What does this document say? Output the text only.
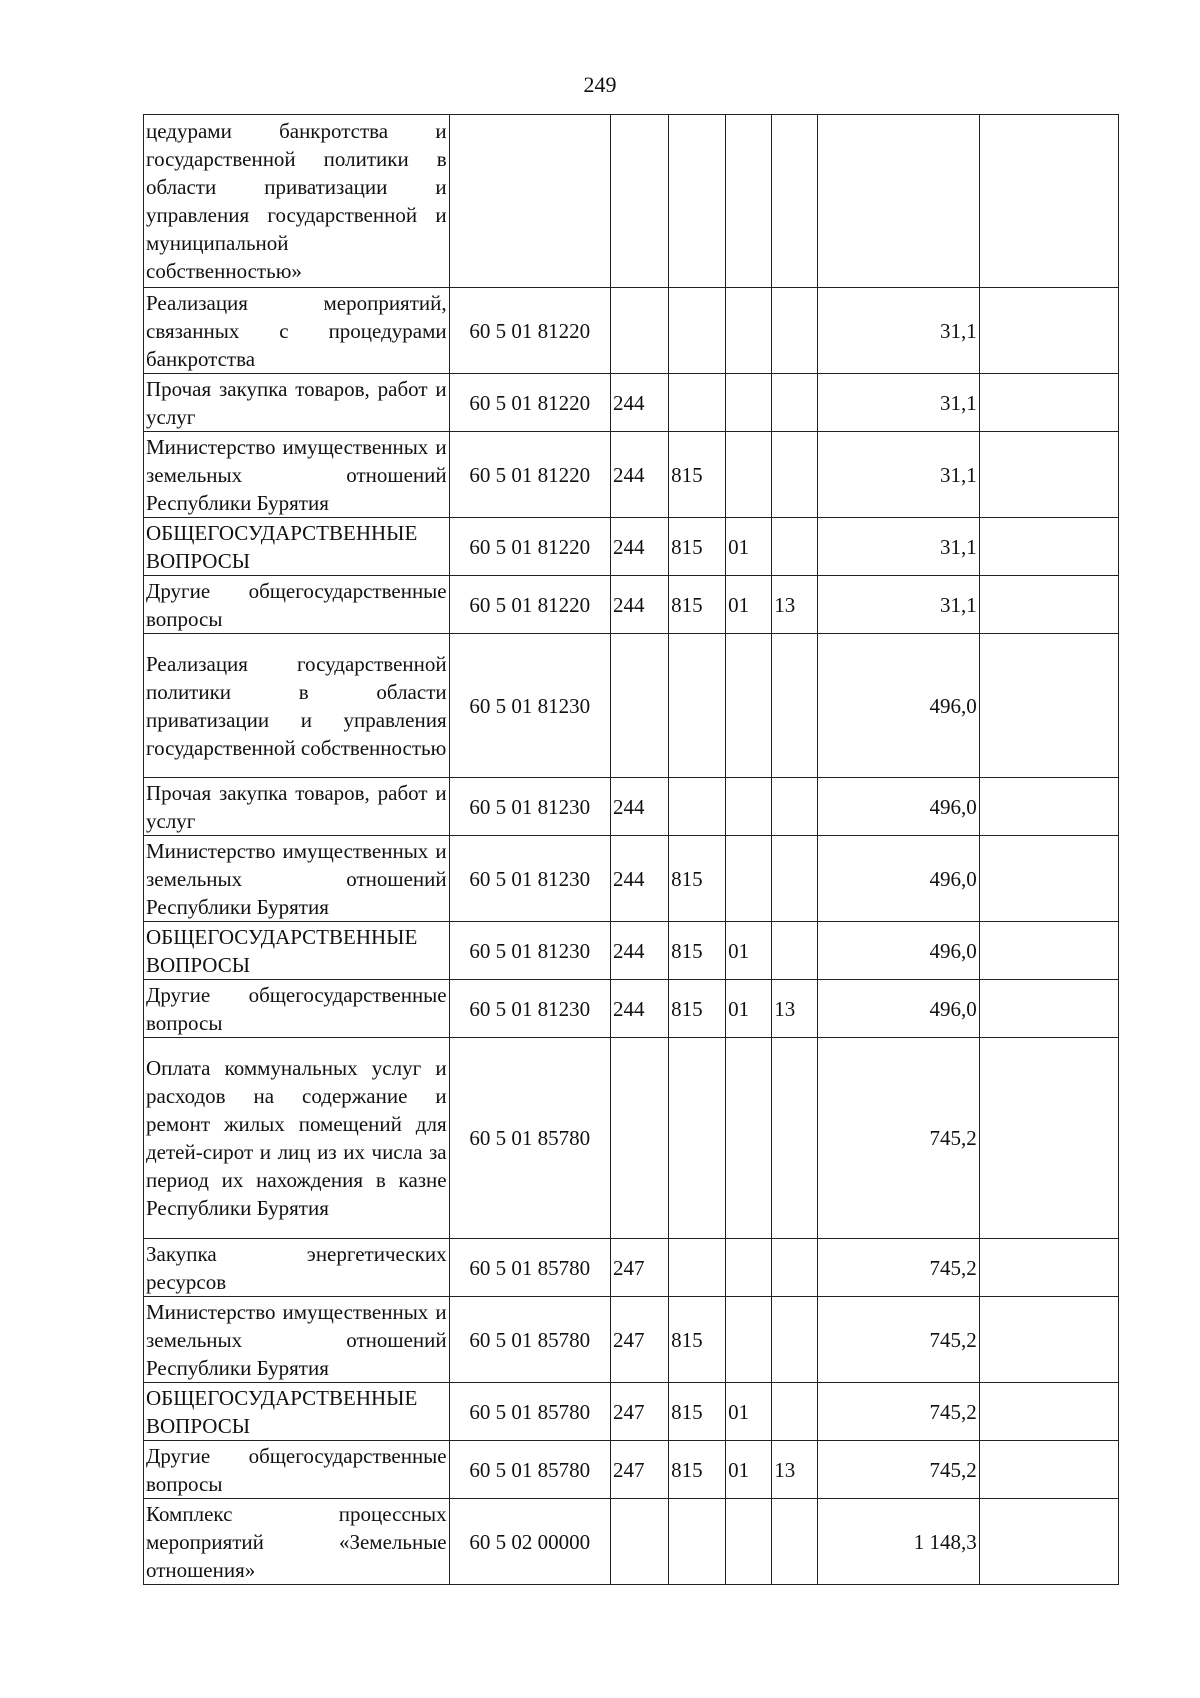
249
цедурами банкротства и государственной политики в области приватизации и управления государственной и муниципальной собственностью»							
Реализация мероприятий, связанных с процедурами банкротства	60 5 01 81220					31,1	
Прочая закупка товаров, работ и услуг	60 5 01 81220	244				31,1	
Министерство имущественных и земельных отношений Республики Бурятия	60 5 01 81220	244	815			31,1	
ОБЩЕГОСУДАРСТВЕННЫЕ ВОПРОСЫ	60 5 01 81220	244	815	01		31,1	
Другие общегосударственные вопросы	60 5 01 81220	244	815	01	13	31,1	
Реализация государственной политики в области приватизации и управления государственной собственностью	60 5 01 81230					496,0	
Прочая закупка товаров, работ и услуг	60 5 01 81230	244				496,0	
Министерство имущественных и земельных отношений Республики Бурятия	60 5 01 81230	244	815			496,0	
ОБЩЕГОСУДАРСТВЕННЫЕ ВОПРОСЫ	60 5 01 81230	244	815	01		496,0	
Другие общегосударственные вопросы	60 5 01 81230	244	815	01	13	496,0	
Оплата коммунальных услуг и расходов на содержание и ремонт жилых помещений для детей-сирот и лиц из их числа за период их нахождения в казне Республики Бурятия	60 5 01 85780					745,2	
Закупка энергетических ресурсов	60 5 01 85780	247				745,2	
Министерство имущественных и земельных отношений Республики Бурятия	60 5 01 85780	247	815			745,2	
ОБЩЕГОСУДАРСТВЕННЫЕ ВОПРОСЫ	60 5 01 85780	247	815	01		745,2	
Другие общегосударственные вопросы	60 5 01 85780	247	815	01	13	745,2	
Комплекс процессных мероприятий «Земельные отношения»	60 5 02 00000					1 148,3	
